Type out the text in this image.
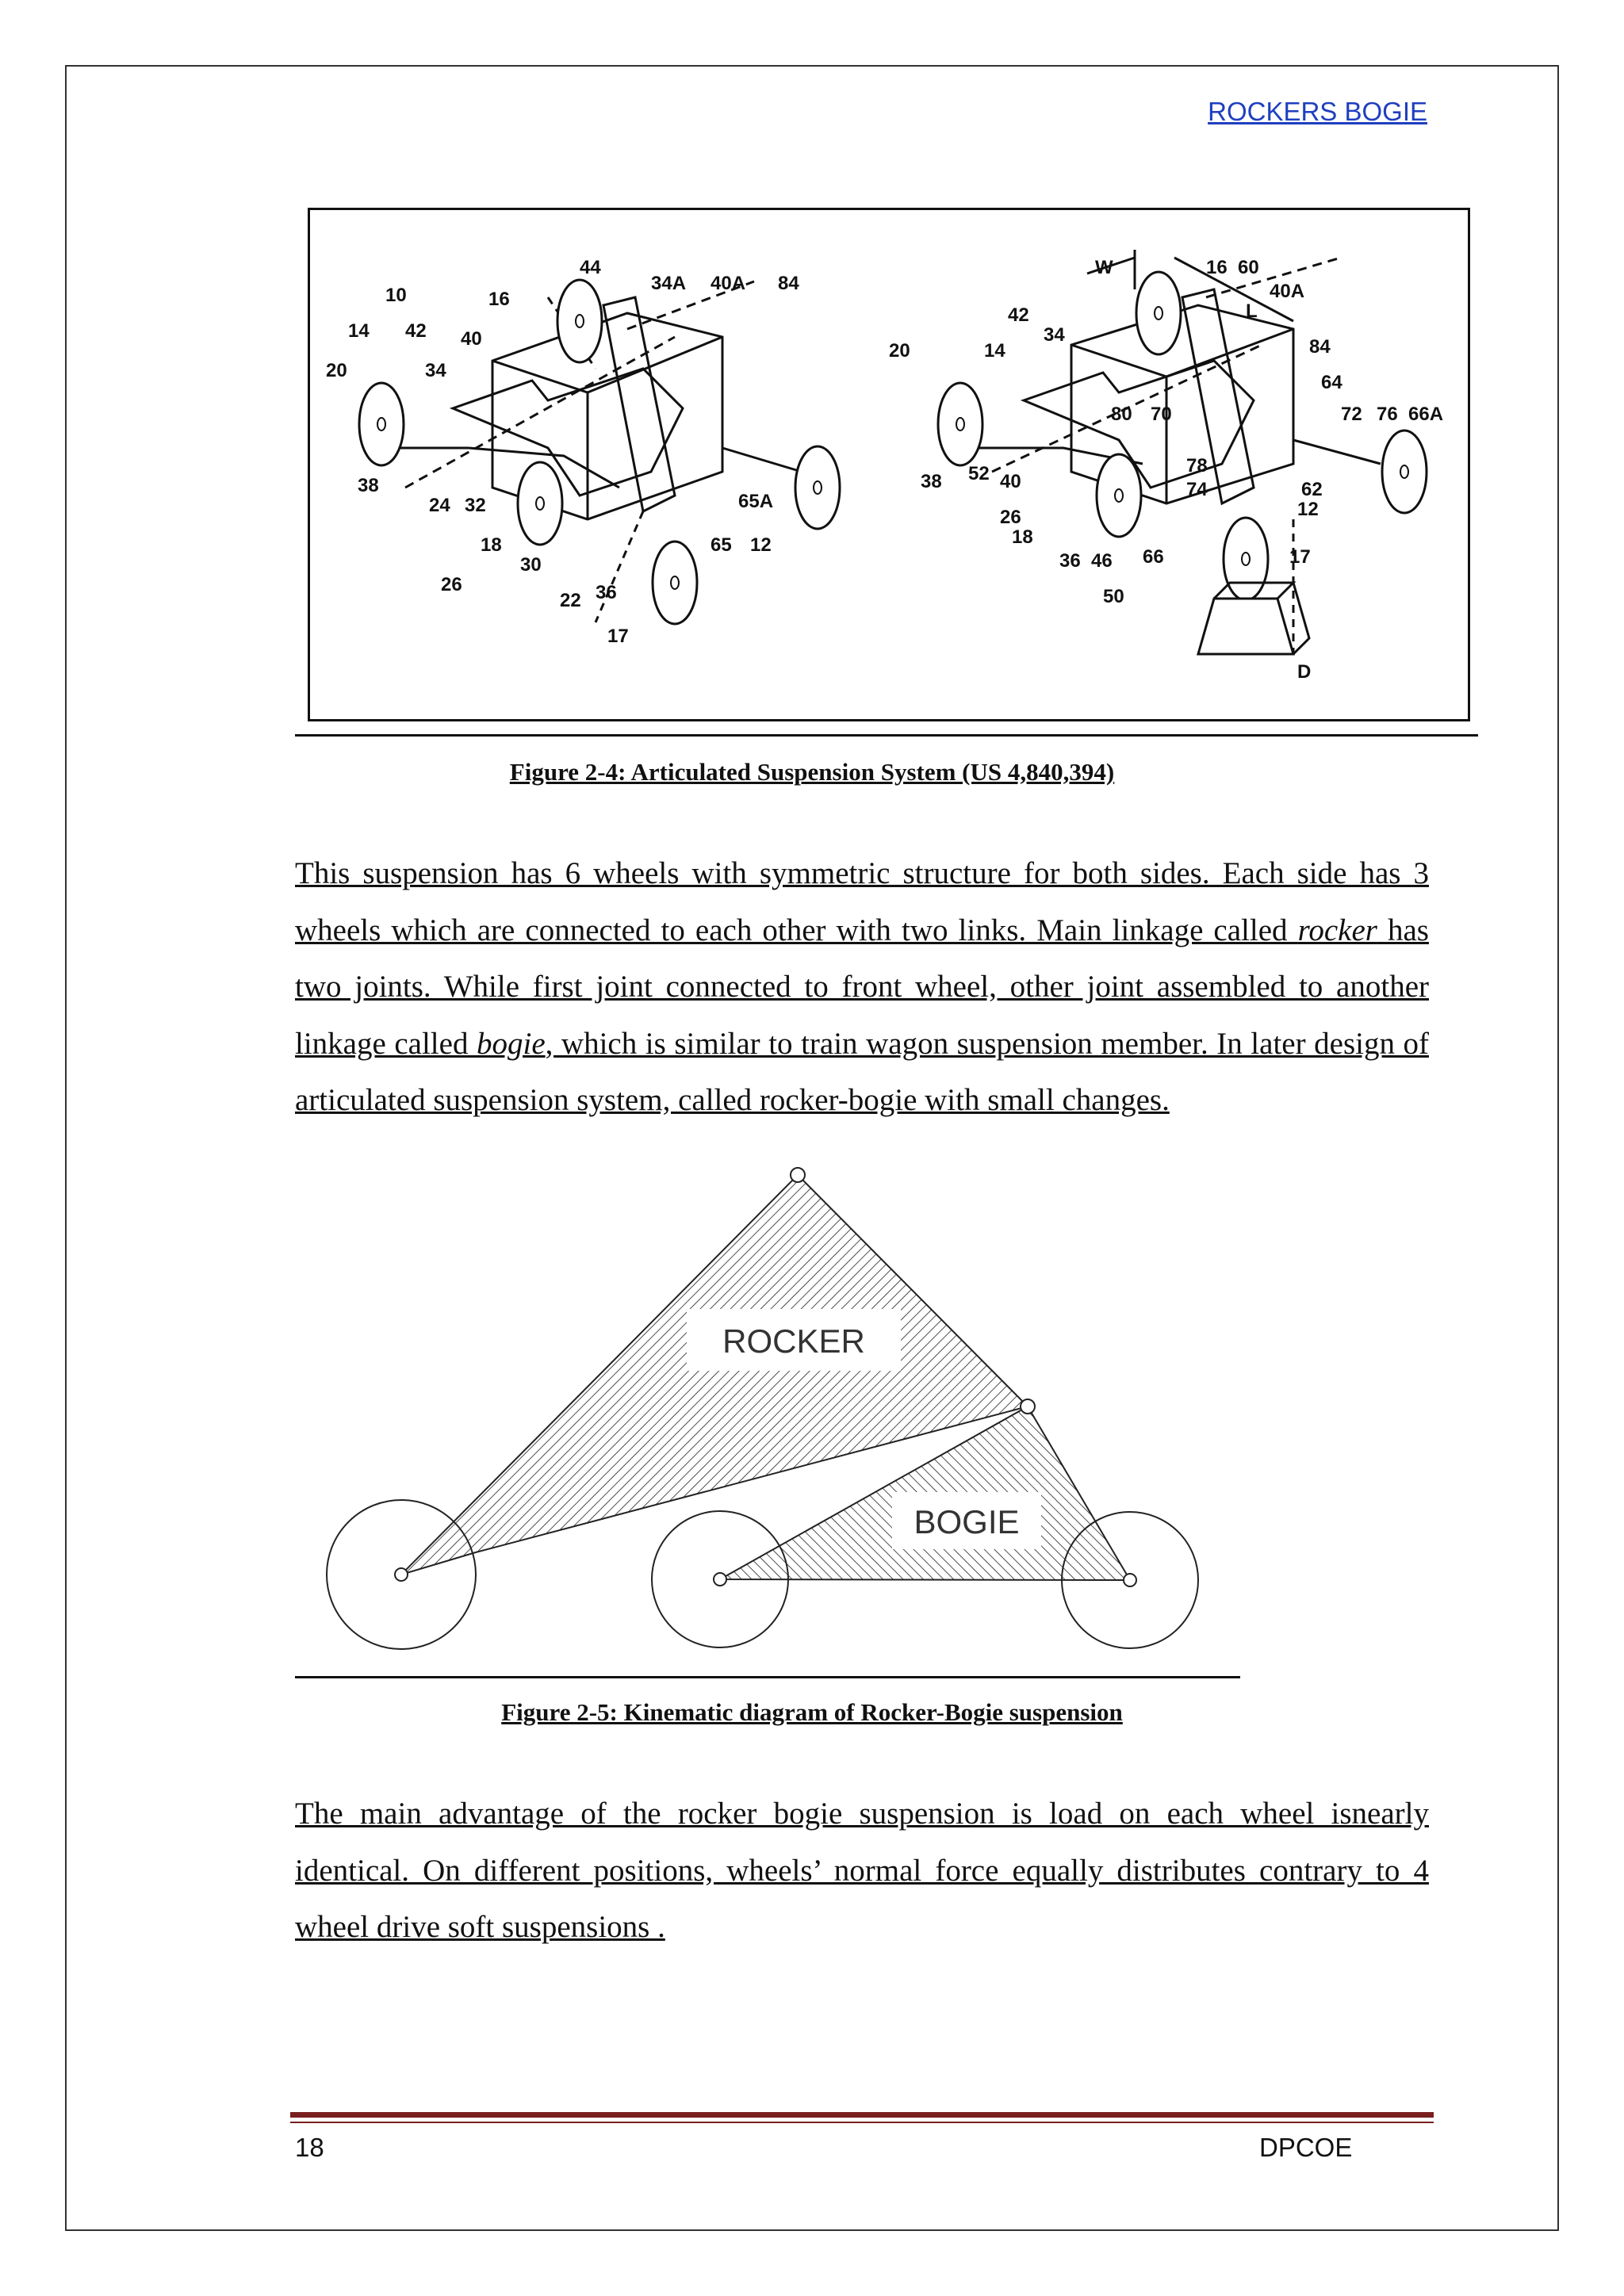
ROCKERS BOGIE
10
14 42
16
40
44
34A 40A 84
20	34
38
24 32
18
30
26
22 36
17
65 12
65A
W	16 60
L
40A
42
34
84
20	14
64
72 76 66A
80 70
38 52 40
78
74	62
26	12
18
36 46 66	17
50
D
Figure 2-4: Articulated Suspension System (US 4,840,394)
This suspension has 6 wheels with symmetric structure for both sides. Each side has 3 wheels which are connected to each other with two links. Main linkage called rocker has two joints. While first joint connected to front wheel, other joint assembled to another linkage called bogie, which is similar to train wagon suspension member. In later design of articulated suspension system, called rocker-bogie with small changes.
ROCKER
BOGIE
Figure 2-5: Kinematic diagram of Rocker-Bogie suspension
The main advantage of the rocker bogie suspension is load on each wheel isnearly identical. On different positions, wheels’ normal force equally distributes contrary to 4 wheel drive soft suspensions .
18	DPCOE
